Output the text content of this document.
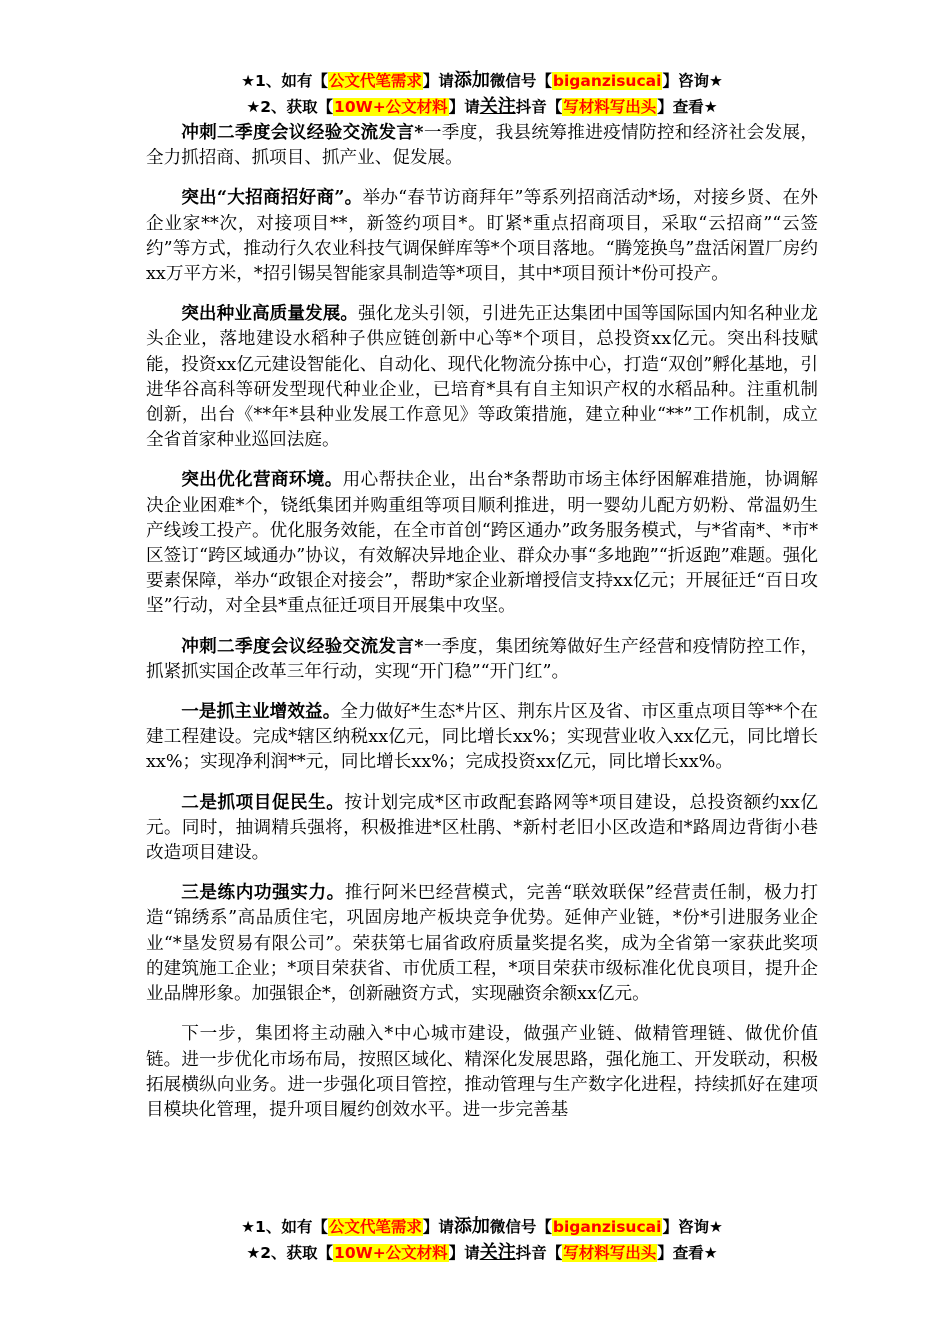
★1、如有【公文代笔需求】请添加微信号【biganzisucai】咨询★
★2、获取【10W+公文材料】请关注抖音【写材料写出头】查看★

冲刺二季度会议经验交流发言*一季度，我县统筹推进疫情防控和经济社会发展，全力抓招商、抓项目、抓产业、促发展。

突出“大招商招好商”。举办“春节访商拜年”等系列招商活动*场，对接乡贤、在外企业家**次，对接项目**，新签约项目*。盯紧*重点招商项目，采取“云招商”“云签约”等方式，推动行久农业科技气调保鲜库等*个项目落地。“腾笼换鸟”盘活闲置厂房约xx万平方米，*招引锡吴智能家具制造等*项目，其中*项目预计*份可投产。

突出种业高质量发展。强化龙头引领，引进先正达集团中国等国际国内知名种业龙头企业，落地建设水稻种子供应链创新中心等*个项目，总投资xx亿元。突出科技赋能，投资xx亿元建设智能化、自动化、现代化物流分拣中心，打造“双创”孵化基地，引进华谷高科等研发型现代种业企业，已培育*具有自主知识产权的水稻品种。注重机制创新，出台《**年*县种业发展工作意见》等政策措施，建立种业“**”工作机制，成立全省首家种业巡回法庭。

突出优化营商环境。用心帮扶企业，出台*条帮助市场主体纾困解难措施，协调解决企业困难*个，铙纸集团并购重组等项目顺利推进，明一婴幼儿配方奶粉、常温奶生产线竣工投产。优化服务效能，在全市首创“跨区通办”政务服务模式，与*省南*、*市*区签订“跨区域通办”协议，有效解决异地企业、群众办事“多地跑”“折返跑”难题。强化要素保障，举办“政银企对接会”，帮助*家企业新增授信支持xx亿元；开展征迁“百日攻坚”行动，对全县*重点征迁项目开展集中攻坚。

冲刺二季度会议经验交流发言*一季度，集团统筹做好生产经营和疫情防控工作，抓紧抓实国企改革三年行动，实现“开门稳”“开门红”。

一是抓主业增效益。全力做好*生态*片区、荆东片区及省、市区重点项目等**个在建工程建设。完成*辖区纳税xx亿元，同比增长xx%；实现营业收入xx亿元，同比增长xx%；实现净利润**元，同比增长xx%；完成投资xx亿元，同比增长xx%。

二是抓项目促民生。按计划完成*区市政配套路网等*项目建设，总投资额约xx亿元。同时，抽调精兵强将，积极推进*区杜鹃、*新村老旧小区改造和*路周边背街小巷改造项目建设。

三是练内功强实力。推行阿米巴经营模式，完善“联效联保”经营责任制，极力打造“锦绣系”高品质住宅，巩固房地产板块竞争优势。延伸产业链，*份*引进服务业企业“*垦发贸易有限公司”。荣获第七届省政府质量奖提名奖，成为全省第一家获此奖项的建筑施工企业；*项目荣获省、市优质工程，*项目荣获市级标准化优良项目，提升企业品牌形象。加强银企*，创新融资方式，实现融资余额xx亿元。

下一步，集团将主动融入*中心城市建设，做强产业链、做精管理链、做优价值链。进一步优化市场布局，按照区域化、精深化发展思路，强化施工、开发联动，积极拓展横纵向业务。进一步强化项目管控，推动管理与生产数字化进程，持续抓好在建项目模块化管理，提升项目履约创效水平。进一步完善基

★1、如有【公文代笔需求】请添加微信号【biganzisucai】咨询★
★2、获取【10W+公文材料】请关注抖音【写材料写出头】查看★
